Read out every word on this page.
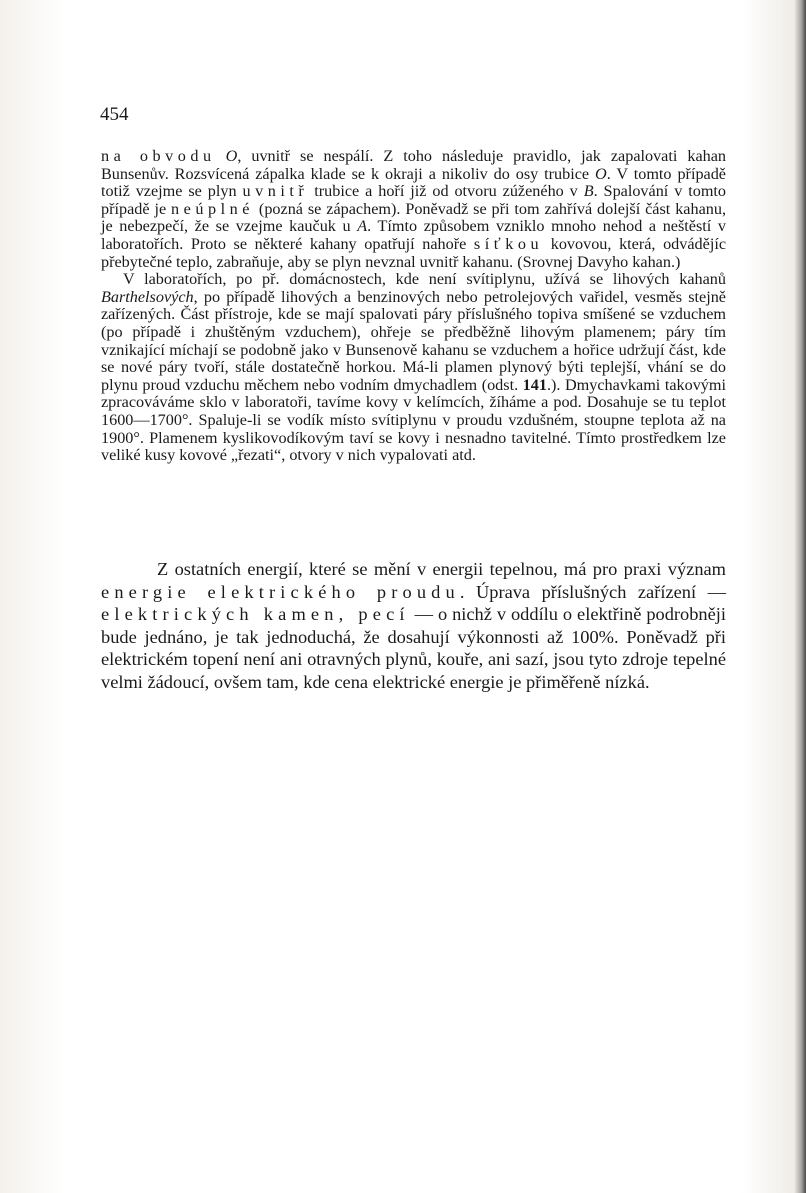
454

na obvodu O, uvnitř se nespálí. Z toho následuje pravidlo, jak zapalovati kahan Bunsenův. Rozsvícená zápalka klade se k okraji a nikoliv do osy trubice O. V tomto případě totiž vzejme se plyn uvnitř trubice a hoří již od otvoru zúženého v B. Spalování v tomto případě je neúplné (pozná se zápachem). Poněvadž se při tom zahřívá dolejší část kahanu, je nebezpečí, že se vzejme kaučuk u A. Tímto způsobem vzniklo mnoho nehod a neštěstí v laboratořích. Proto se některé kahany opatřují nahoře síťkou kovovou, která, odvádějíc přebytečné teplo, zabraňuje, aby se plyn nevznal uvnitř kahanu. (Srovnej Davyho kahan.)

V laboratořích, po př. domácnostech, kde není svítiplynu, užívá se lihových kahanů Barthelsových, po případě lihových a benzinových nebo petrolejových vařidel, vesměs stejně zařízených. Část přístroje, kde se mají spalovati páry příslušného topiva smíšené se vzduchem (po případě i zhuštěným vzduchem), ohřeje se předběžně lihovým plamenem; páry tím vznikající míchají se podobně jako v Bunsenově kahanu se vzduchem a hořice udržují část, kde se nové páry tvoří, stále dostatečně horkou. Má-li plamen plynový býti teplejší, vhání se do plynu proud vzduchu měchem nebo vodním dmychadlem (odst. 141.). Dmychavkami takovými zpracováváme sklo v laboratoři, tavíme kovy v kelímcích, žíháme a pod. Dosahuje se tu teplot 1600—1700°. Spaluje-li se vodík místo svítiplynu v proudu vzdušném, stoupne teplota až na 1900°. Plamenem kyslikovodíkovým taví se kovy i nesnadno tavitelné. Tímto prostředkem lze veliké kusy kovové „řezati“, otvory v nich vypalovati atd.

Z ostatních energií, které se mění v energii tepelnou, má pro praxi význam energie elektrického proudu. Úprava příslušných zařízení — elektrických kamen, pecí — o nichž v oddílu o elektřině podrobněji bude jednáno, je tak jednoduchá, že dosahují výkonnosti až 100%. Poněvadž při elektrickém topení není ani otravných plynů, kouře, ani sazí, jsou tyto zdroje tepelné velmi žádoucí, ovšem tam, kde cena elektrické energie je přiměřeně nízká.
